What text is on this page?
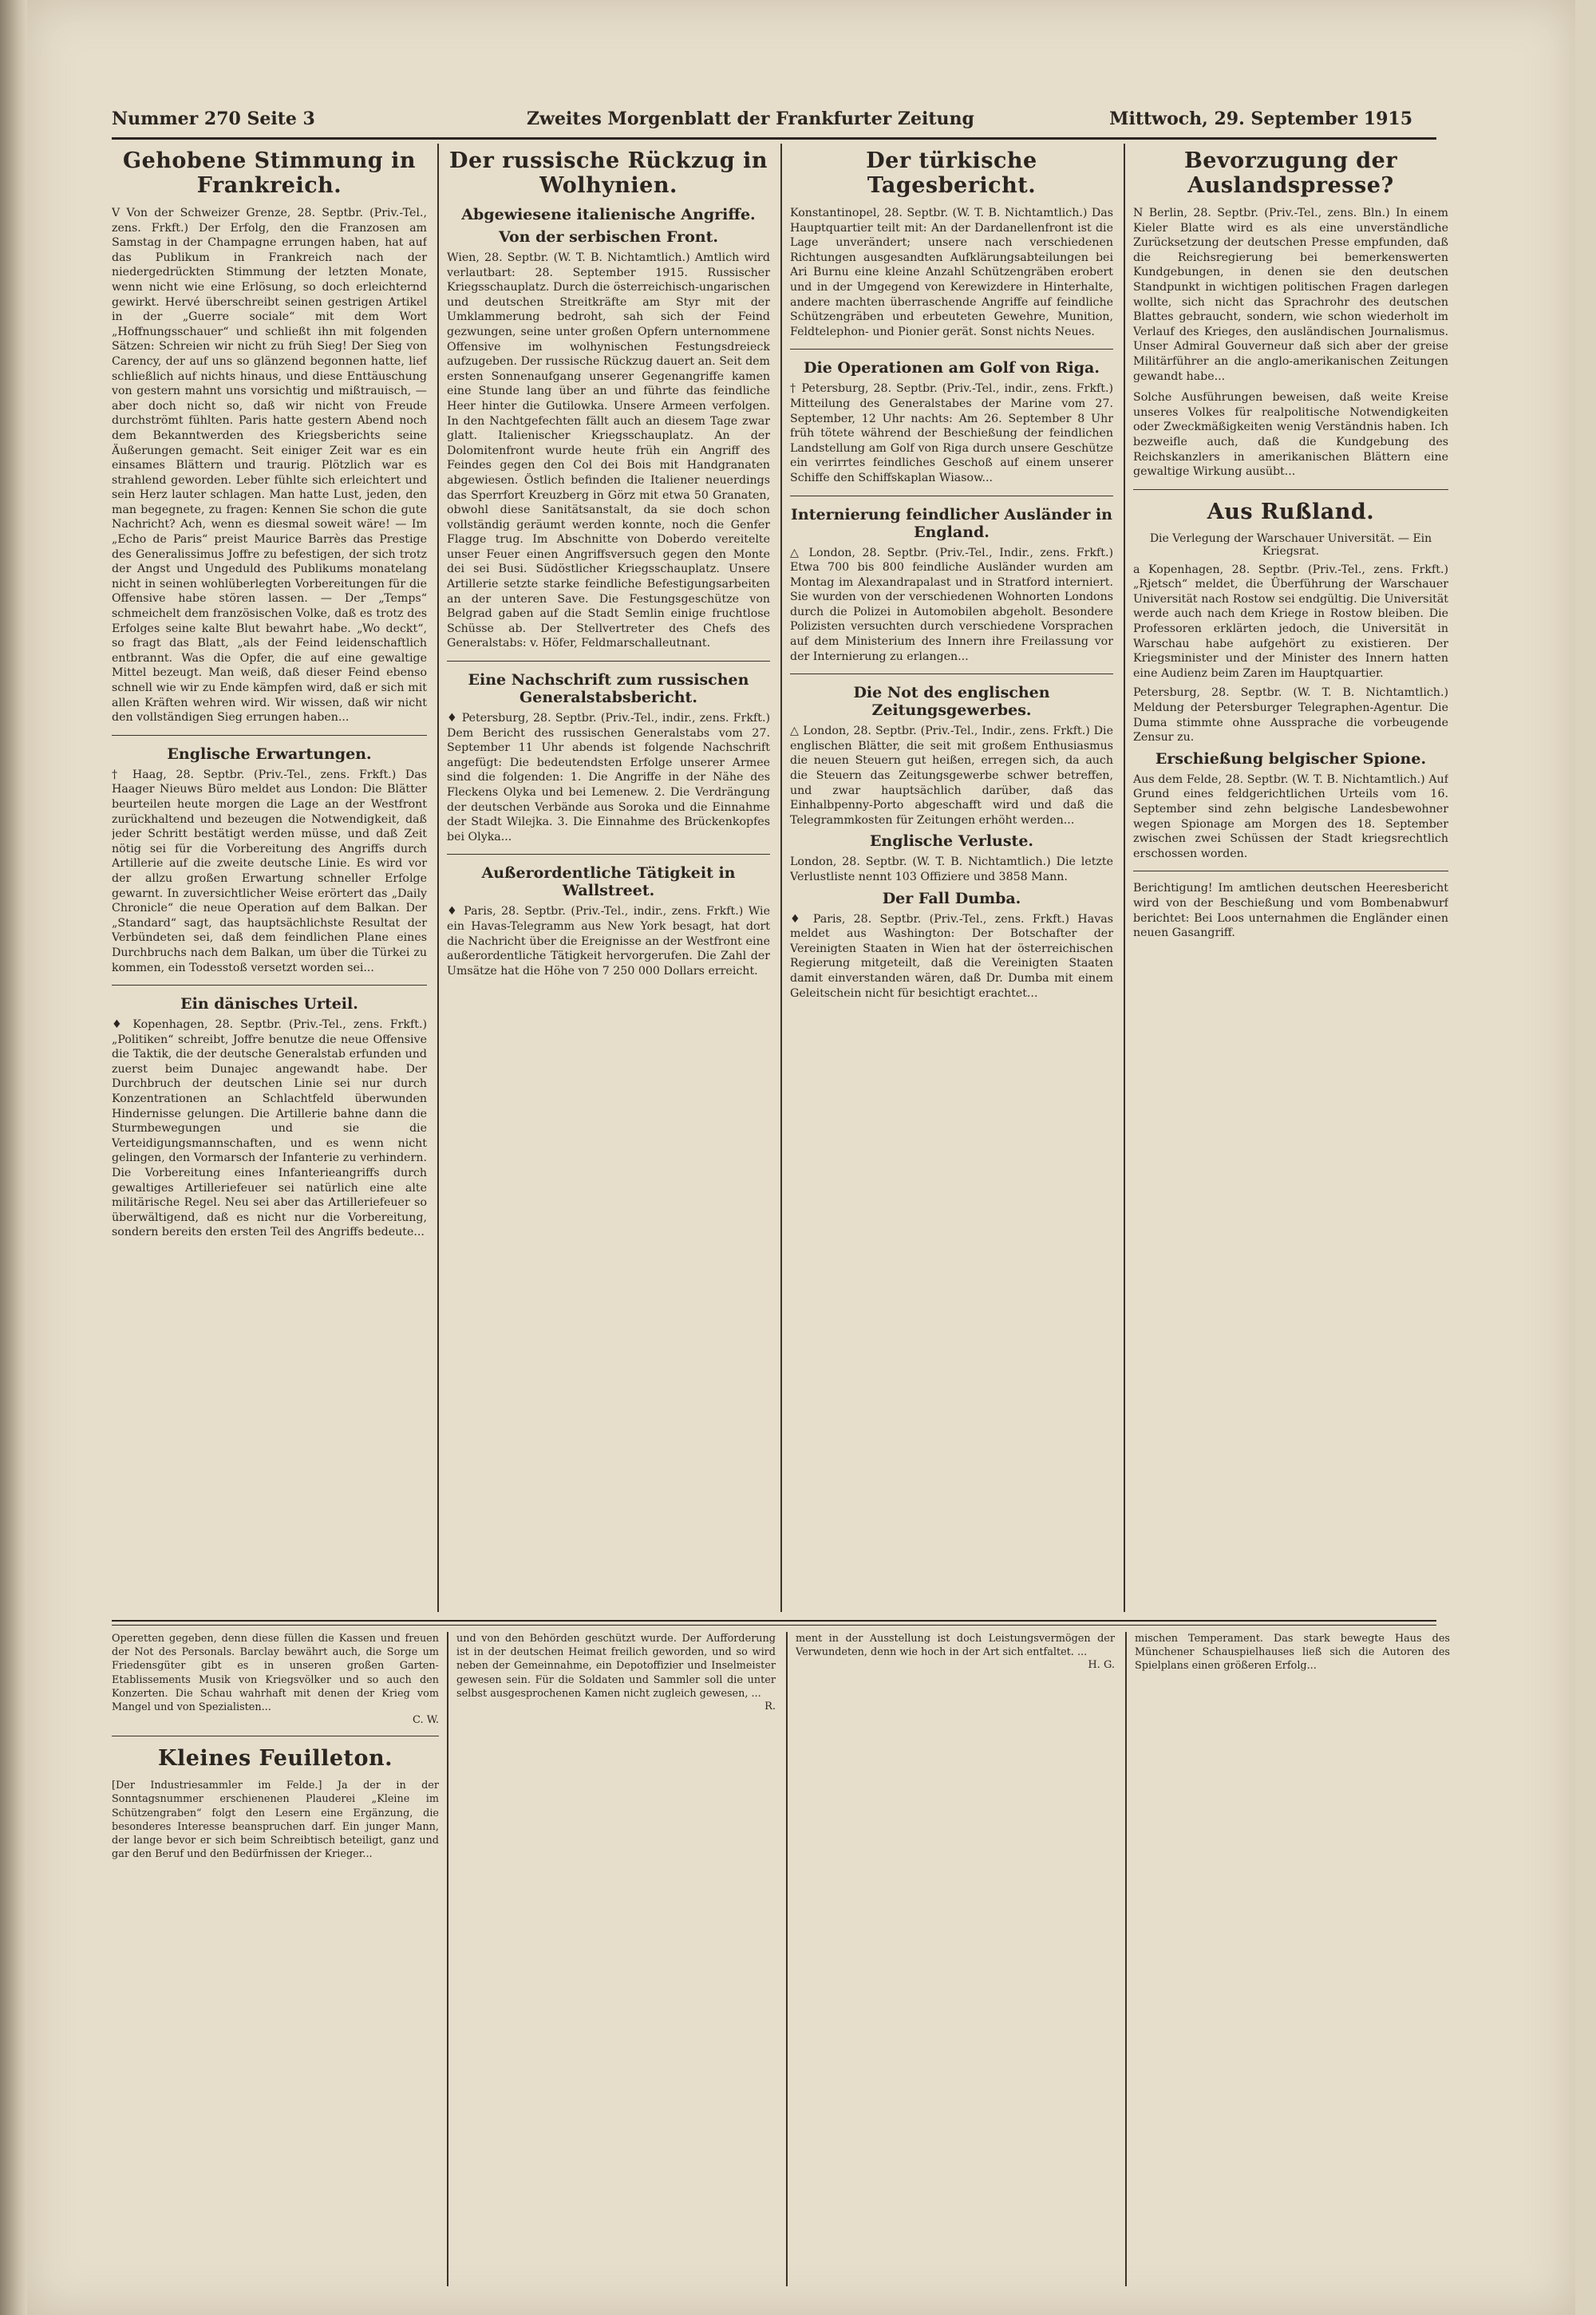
Nummer 270 Seite 3	Zweites Morgenblatt der Frankfurter Zeitung	Mittwoch, 29. September 1915
Gehobene Stimmung in Frankreich.

V Von der Schweizer Grenze, 28. Septbr. (Priv.-Tel., zens. Frkft.) Der Erfolg, den die Franzosen am Samstag in der Champagne errungen haben, hat auf das Publikum in Frankreich nach der niedergedrückten Stimmung der letzten Monate, wenn nicht wie eine Erlösung, so doch erleichternd gewirkt. Hervé überschreibt seinen gestrigen Artikel in der „Guerre sociale“ mit dem Wort „Hoffnungsschauer“ und schließt ihn mit folgenden Sätzen: Schreien wir nicht zu früh Sieg! Der Sieg von Carency, der auf uns so glänzend begonnen hatte, lief schließlich auf nichts hinaus, und diese Enttäuschung von gestern mahnt uns vorsichtig und mißtrauisch, — aber doch nicht so, daß wir nicht von Freude durchströmt fühlten. Paris hatte gestern Abend noch dem Bekanntwerden des Kriegsberichts seine Äußerungen gemacht. Seit einiger Zeit war es ein einsames Blättern und traurig. Plötzlich war es strahlend geworden. Leber fühlte sich erleichtert und sein Herz lauter schlagen. Man hatte Lust, jeden, den man begegnete, zu fragen: Kennen Sie schon die gute Nachricht? Ach, wenn es diesmal soweit wäre! — Im „Echo de Paris“ preist Maurice Barrès das Prestige des Generalissimus Joffre zu befestigen, der sich trotz der Angst und Ungeduld des Publikums monatelang nicht in seinen wohlüberlegten Vorbereitungen für die Offensive habe stören lassen. — Der „Temps“ schmeichelt dem französischen Volke, daß es trotz des Erfolges seine kalte Blut bewahrt habe. „Wo deckt“, so fragt das Blatt, „als der Feind leidenschaftlich entbrannt. Was die Opfer, die auf eine gewaltige Mittel bezeugt. Man weiß, daß dieser Feind ebenso schnell wie wir zu Ende kämpfen wird, daß er sich mit allen Kräften wehren wird. Wir wissen, daß wir nicht den vollständigen Sieg errungen haben...

Englische Erwartungen.

† Haag, 28. Septbr. (Priv.-Tel., zens. Frkft.) Das Haager Nieuws Büro meldet aus London: Die Blätter beurteilen heute morgen die Lage an der Westfront zurückhaltend und bezeugen die Notwendigkeit, daß jeder Schritt bestätigt werden müsse, und daß Zeit nötig sei für die Vorbereitung des Angriffs durch Artillerie auf die zweite deutsche Linie. Es wird vor der allzu großen Erwartung schneller Erfolge gewarnt. In zuversichtlicher Weise erörtert das „Daily Chronicle“ die neue Operation auf dem Balkan. Der „Standard“ sagt, das hauptsächlichste Resultat der Verbündeten sei, daß dem feindlichen Plane eines Durchbruchs nach dem Balkan, um über die Türkei zu kommen, ein Todesstoß versetzt worden sei...

Ein dänisches Urteil.

♦ Kopenhagen, 28. Septbr. (Priv.-Tel., zens. Frkft.) „Politiken“ schreibt, Joffre benutze die neue Offensive die Taktik, die der deutsche Generalstab erfunden und zuerst beim Dunajec angewandt habe. Der Durchbruch der deutschen Linie sei nur durch Konzentrationen an Schlachtfeld überwunden Hindernisse gelungen. Die Artillerie bahne dann die Sturmbewegungen und sie die Verteidigungsmannschaften, und es wenn nicht gelingen, den Vormarsch der Infanterie zu verhindern. Die Vorbereitung eines Infanterieangriffs durch gewaltiges Artilleriefeuer sei natürlich eine alte militärische Regel. Neu sei aber das Artilleriefeuer so überwältigend, daß es nicht nur die Vorbereitung, sondern bereits den ersten Teil des Angriffs bedeute...

Der russische Rückzug in Wolhynien.
Abgewiesene italienische Angriffe.
Von der serbischen Front.

Wien, 28. Septbr. (W. T. B. Nichtamtlich.) Amtlich wird verlautbart: 28. September 1915. Russischer Kriegsschauplatz. Durch die österreichisch-ungarischen und deutschen Streitkräfte am Styr mit der Umklammerung bedroht, sah sich der Feind gezwungen, seine unter großen Opfern unternommene Offensive im wolhynischen Festungsdreieck aufzugeben. Der russische Rückzug dauert an. Seit dem ersten Sonnenaufgang unserer Gegenangriffe kamen eine Stunde lang über an und führte das feindliche Heer hinter die Gutilowka. Unsere Armeen verfolgen. In den Nachtgefechten fällt auch an diesem Tage zwar glatt. Italienischer Kriegsschauplatz. An der Dolomitenfront wurde heute früh ein Angriff des Feindes gegen den Col dei Bois mit Handgranaten abgewiesen. Östlich befinden die Italiener neuerdings das Sperrfort Kreuzberg in Görz mit etwa 50 Granaten, obwohl diese Sanitätsanstalt, da sie doch schon vollständig geräumt werden konnte, noch die Genfer Flagge trug. Im Abschnitte von Doberdo vereitelte unser Feuer einen Angriffsversuch gegen den Monte dei sei Busi. Südöstlicher Kriegsschauplatz. Unsere Artillerie setzte starke feindliche Befestigungsarbeiten an der unteren Save. Die Festungsgeschütze von Belgrad gaben auf die Stadt Semlin einige fruchtlose Schüsse ab. Der Stellvertreter des Chefs des Generalstabs: v. Höfer, Feldmarschalleutnant.

Eine Nachschrift zum russischen Generalstabsbericht.

♦ Petersburg, 28. Septbr. (Priv.-Tel., indir., zens. Frkft.) Dem Bericht des russischen Generalstabs vom 27. September 11 Uhr abends ist folgende Nachschrift angefügt: Die bedeutendsten Erfolge unserer Armee sind die folgenden: 1. Die Angriffe in der Nähe des Fleckens Olyka und bei Lemenew. 2. Die Verdrängung der deutschen Verbände aus Soroka und die Einnahme der Stadt Wilejka. 3. Die Einnahme des Brückenkopfes bei Olyka...

Außerordentliche Tätigkeit in Wallstreet.

♦ Paris, 28. Septbr. (Priv.-Tel., indir., zens. Frkft.) Wie ein Havas-Telegramm aus New York besagt, hat dort die Nachricht über die Ereignisse an der Westfront eine außerordentliche Tätigkeit hervorgerufen. Die Zahl der Umsätze hat die Höhe von 7 250 000 Dollars erreicht.

Der türkische Tagesbericht.

Konstantinopel, 28. Septbr. (W. T. B. Nichtamtlich.) Das Hauptquartier teilt mit: An der Dardanellenfront ist die Lage unverändert; unsere nach verschiedenen Richtungen ausgesandten Aufklärungsabteilungen bei Ari Burnu eine kleine Anzahl Schützengräben erobert und in der Umgegend von Kerewizdere in Hinterhalte, andere machten überraschende Angriffe auf feindliche Schützengräben und erbeuteten Gewehre, Munition, Feldtelephon- und Pionier gerät. Sonst nichts Neues.

Die Operationen am Golf von Riga.

† Petersburg, 28. Septbr. (Priv.-Tel., indir., zens. Frkft.) Mitteilung des Generalstabes der Marine vom 27. September, 12 Uhr nachts: Am 26. September 8 Uhr früh tötete während der Beschießung der feindlichen Landstellung am Golf von Riga durch unsere Geschütze ein verirrtes feindliches Geschoß auf einem unserer Schiffe den Schiffskaplan Wiasow...

Internierung feindlicher Ausländer in England.

△ London, 28. Septbr. (Priv.-Tel., Indir., zens. Frkft.) Etwa 700 bis 800 feindliche Ausländer wurden am Montag im Alexandrapalast und in Stratford interniert. Sie wurden von der verschiedenen Wohnorten Londons durch die Polizei in Automobilen abgeholt. Besondere Polizisten versuchten durch verschiedene Vorsprachen auf dem Ministerium des Innern ihre Freilassung vor der Internierung zu erlangen...

Die Not des englischen Zeitungsgewerbes.

△ London, 28. Septbr. (Priv.-Tel., Indir., zens. Frkft.) Die englischen Blätter, die seit mit großem Enthusiasmus die neuen Steuern gut heißen, erregen sich, da auch die Steuern das Zeitungsgewerbe schwer betreffen, und zwar hauptsächlich darüber, daß das Einhalbpenny-Porto abgeschafft wird und daß die Telegrammkosten für Zeitungen erhöht werden...

Englische Verluste.

London, 28. Septbr. (W. T. B. Nichtamtlich.) Die letzte Verlustliste nennt 103 Offiziere und 3858 Mann.

Der Fall Dumba.

♦ Paris, 28. Septbr. (Priv.-Tel., zens. Frkft.) Havas meldet aus Washington: Der Botschafter der Vereinigten Staaten in Wien hat der österreichischen Regierung mitgeteilt, daß die Vereinigten Staaten damit einverstanden wären, daß Dr. Dumba mit einem Geleitschein nicht für besichtigt erachtet...

Bevorzugung der Auslandspresse?

N Berlin, 28. Septbr. (Priv.-Tel., zens. Bln.) In einem Kieler Blatte wird es als eine unverständliche Zurücksetzung der deutschen Presse empfunden, daß die Reichsregierung bei bemerkenswerten Kundgebungen, in denen sie den deutschen Standpunkt in wichtigen politischen Fragen darlegen wollte, sich nicht das Sprachrohr des deutschen Blattes gebraucht, sondern, wie schon wiederholt im Verlauf des Krieges, den ausländischen Journalismus. Unser Admiral Gouverneur daß sich aber der greise Militärführer an die anglo-amerikanischen Zeitungen gewandt habe...

Solche Ausführungen beweisen, daß weite Kreise unseres Volkes für realpolitische Notwendigkeiten oder Zweckmäßigkeiten wenig Verständnis haben. Ich bezweifle auch, daß die Kundgebung des Reichskanzlers in amerikanischen Blättern eine gewaltige Wirkung ausübt...

Aus Rußland.
Die Verlegung der Warschauer Universität. — Ein Kriegsrat.

a Kopenhagen, 28. Septbr. (Priv.-Tel., zens. Frkft.) „Rjetsch“ meldet, die Überführung der Warschauer Universität nach Rostow sei endgültig. Die Universität werde auch nach dem Kriege in Rostow bleiben. Die Professoren erklärten jedoch, die Universität in Warschau habe aufgehört zu existieren. Der Kriegsminister und der Minister des Innern hatten eine Audienz beim Zaren im Hauptquartier.

Petersburg, 28. Septbr. (W. T. B. Nichtamtlich.) Meldung der Petersburger Telegraphen-Agentur. Die Duma stimmte ohne Aussprache die vorbeugende Zensur zu.

Erschießung belgischer Spione.

Aus dem Felde, 28. Septbr. (W. T. B. Nichtamtlich.) Auf Grund eines feldgerichtlichen Urteils vom 16. September sind zehn belgische Landesbewohner wegen Spionage am Morgen des 18. September zwischen zwei Schüssen der Stadt kriegsrechtlich erschossen worden.

Berichtigung! Im amtlichen deutschen Heeresbericht wird von der Beschießung und vom Bombenabwurf berichtet: Bei Loos unternahmen die Engländer einen neuen Gasangriff.

Operetten gegeben, denn diese füllen die Kassen und freuen der Not des Personals. Barclay bewährt auch, die Sorge um Friedensgüter gibt es in unseren großen Garten-Etablissements Musik von Kriegsvölker und so auch den Konzerten. Die Schau wahrhaft mit denen der Krieg vom Mangel und von Spezialisten...

C. W.
Kleines Feuilleton.

[Der Industriesammler im Felde.] Ja der in der Sonntagsnummer erschienenen Plauderei „Kleine im Schützengraben“ folgt den Lesern eine Ergänzung, die besonderes Interesse beanspruchen darf. Ein junger Mann, der lange bevor er sich beim Schreibtisch beteiligt, ganz und gar den Beruf und den Bedürfnissen der Krieger...

und von den Behörden geschützt wurde. Der Aufforderung ist in der deutschen Heimat freilich geworden, und so wird neben der Gemeinnahme, ein Depotoffizier und Inselmeister gewesen sein. Für die Soldaten und Sammler soll die unter selbst ausgesprochenen Kamen nicht zugleich gewesen, ...

R.

ment in der Ausstellung ist doch Leistungsvermögen der Verwundeten, denn wie hoch in der Art sich entfaltet. ...

H. G.

mischen Temperament. Das stark bewegte Haus des Münchener Schauspielhauses ließ sich die Autoren des Spielplans einen größeren Erfolg...
